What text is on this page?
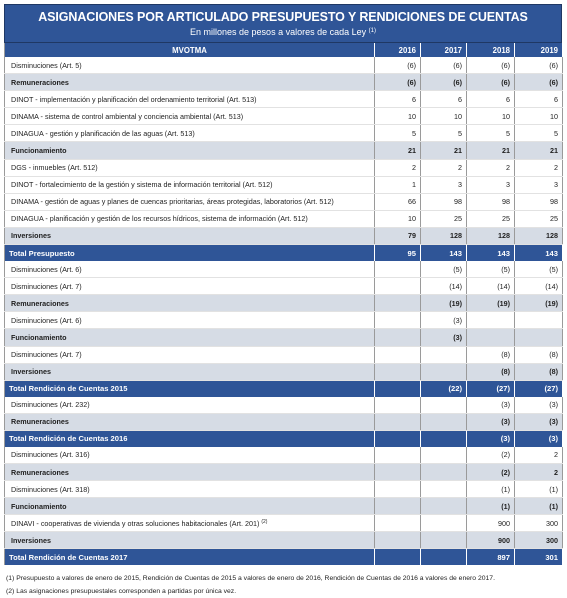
ASIGNACIONES POR ARTICULADO PRESUPUESTO Y RENDICIONES DE CUENTAS
En millones de pesos a valores de cada Ley $^{(1)}$
MVOTMA	2016	2017	2018	2019
Disminuciones (Art. 5)	(6)	(6)	(6)	(6)
Remuneraciones	(6)	(6)	(6)	(6)
DINOT - implementación y planificación del ordenamiento territorial (Art. 513)	6	6	6	6
DINAMA - sistema de control ambiental y conciencia ambiental (Art. 513)	10	10	10	10
DINAGUA - gestión y planificación de las aguas (Art. 513)	5	5	5	5
Funcionamiento	21	21	21	21
DGS - inmuebles (Art. 512)	2	2	2	2
DINOT - fortalecimiento de la gestión y sistema de información territorial (Art. 512)	1	3	3	3
DINAMA - gestión de aguas y planes de cuencas prioritarias, áreas protegidas, laboratorios (Art. 512)	66	98	98	98
DINAGUA - planificación y gestión de los recursos hídricos, sistema de información (Art. 512)	10	25	25	25
Inversiones	79	128	128	128
Total Presupuesto	95	143	143	143
Disminuciones (Art. 6)		(5)	(5)	(5)
Disminuciones (Art. 7)		(14)	(14)	(14)
Remuneraciones		(19)	(19)	(19)
Disminuciones (Art. 6)		(3)		
Funcionamiento		(3)		
Disminuciones (Art. 7)			(8)	(8)
Inversiones			(8)	(8)
Total Rendición de Cuentas 2015		(22)	(27)	(27)
Disminuciones (Art. 232)			(3)	(3)
Remuneraciones			(3)	(3)
Total Rendición de Cuentas 2016			(3)	(3)
Disminuciones (Art. 316)			(2)	2
Remuneraciones			(2)	2
Disminuciones (Art. 318)			(1)	(1)
Funcionamiento			(1)	(1)
DINAVI - cooperativas de vivienda y otras soluciones habitacionales (Art. 201) $^{(2)}$			900	300
Inversiones			900	300
Total Rendición de Cuentas 2017			897	301
(1) Presupuesto a valores de enero de 2015, Rendición de Cuentas de 2015 a valores de enero de 2016, Rendición de Cuentas de 2016 a valores de enero 2017.
(2) Las asignaciones presupuestales corresponden a partidas por única vez.
